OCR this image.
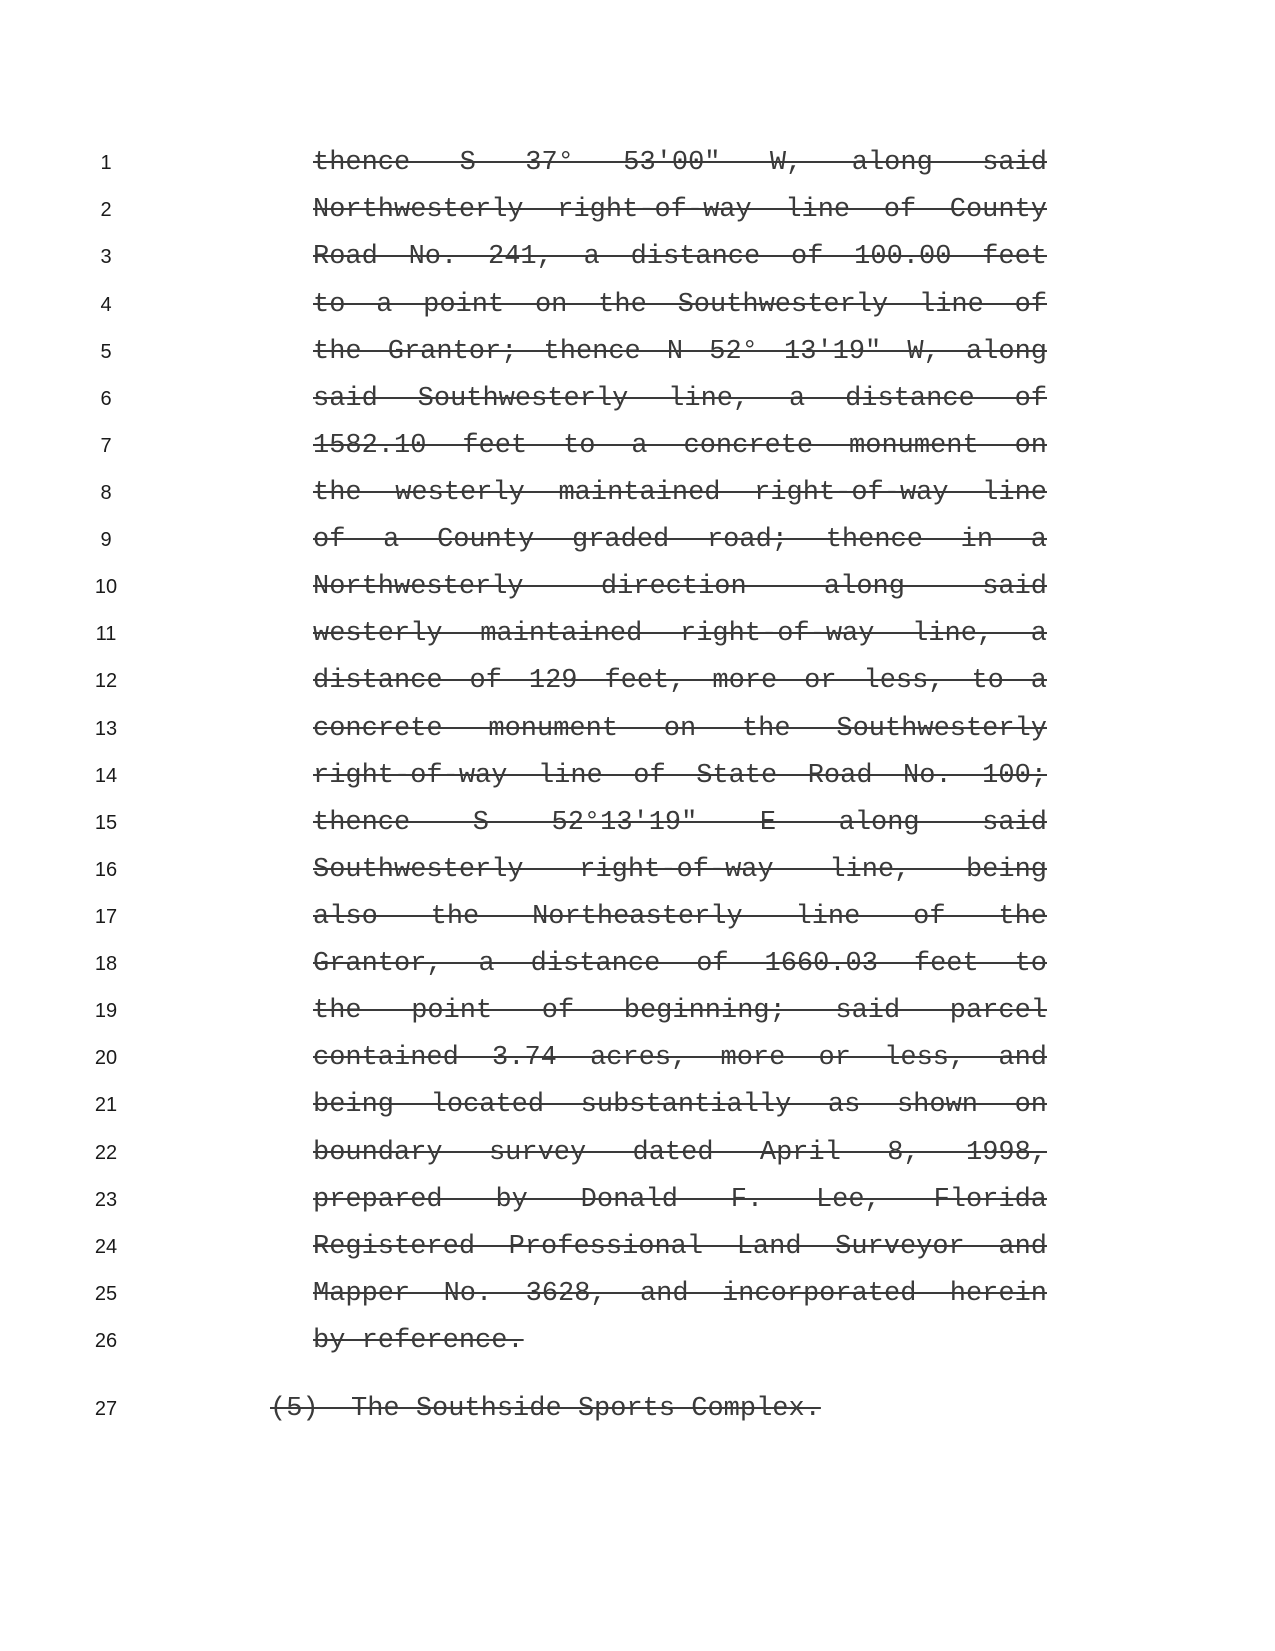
1	thence S 37° 53′00″ W, along said
2	Northwesterly right-of-way line of County
3	Road No. 241, a distance of 100.00 feet
4	to a point on the Southwesterly line of
5	the Grantor; thence N 52° 13′19″ W, along
6	said Southwesterly line, a distance of
7	1582.10 feet to a concrete monument on
8	the westerly maintained right-of-way line
9	of a County graded road; thence in a
10	Northwesterly direction along said
11	westerly maintained right-of-way line, a
12	distance of 129 feet, more or less, to a
13	concrete monument on the Southwesterly
14	right-of-way line of State Road No. 100;
15	thence S 52°13′19″ E along said
16	Southwesterly right-of-way line, being
17	also the Northeasterly line of the
18	Grantor, a distance of 1660.03 feet to
19	the point of beginning; said parcel
20	contained 3.74 acres, more or less, and
21	being located substantially as shown on
22	boundary survey dated April 8, 1998,
23	prepared by Donald F. Lee, Florida
24	Registered Professional Land Surveyor and
25	Mapper No. 3628, and incorporated herein
26	by reference.
27	(5)  The Southside Sports Complex.
